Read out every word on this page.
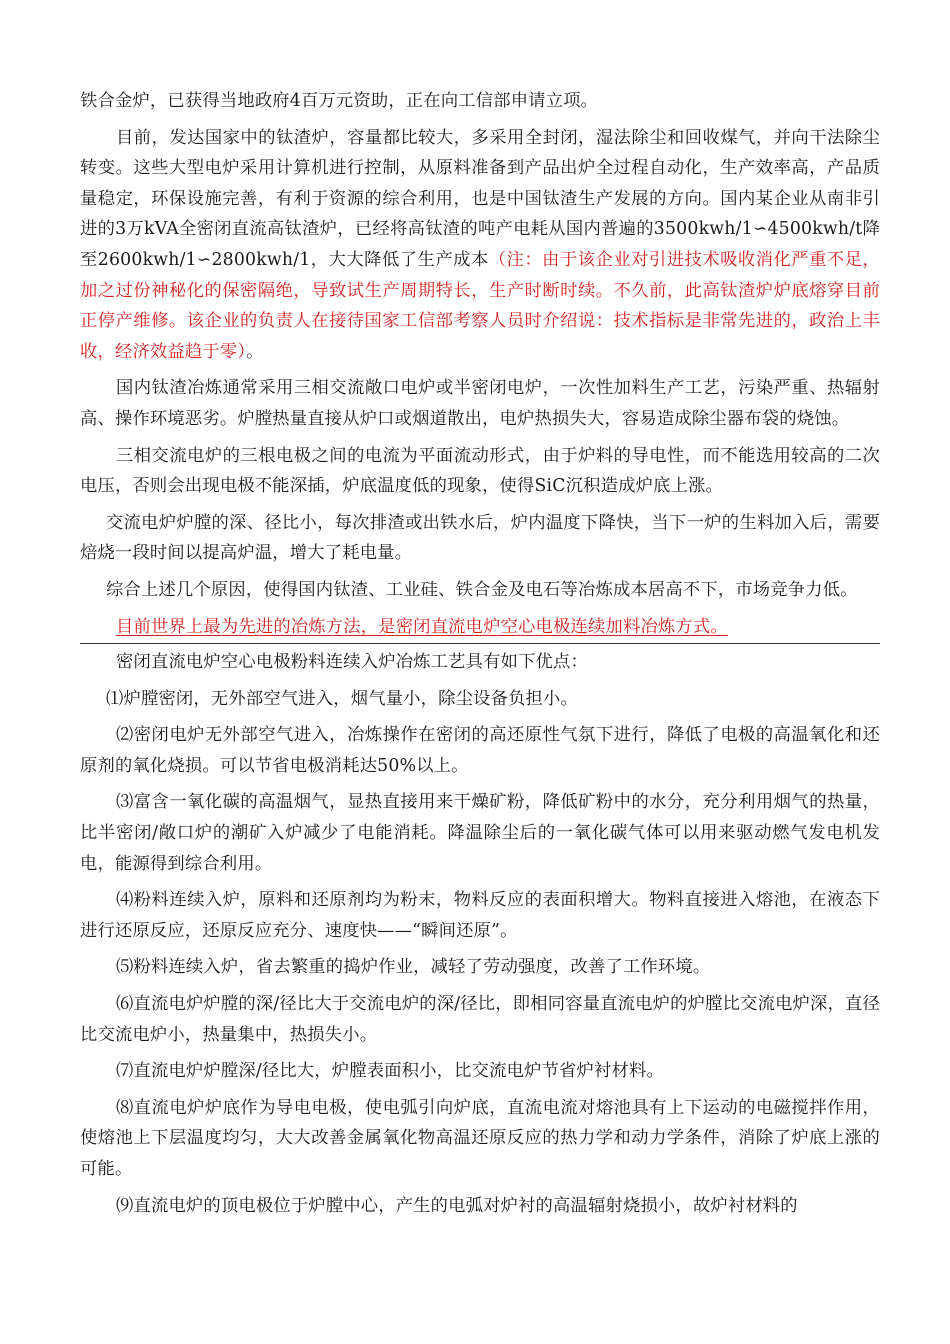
铁合金炉，已获得当地政府4百万元资助，正在向工信部申请立项。

目前，发达国家中的钛渣炉，容量都比较大，多采用全封闭，湿法除尘和回收煤气，并向干法除尘转变。这些大型电炉采用计算机进行控制，从原料准备到产品出炉全过程自动化，生产效率高，产品质量稳定，环保设施完善，有利于资源的综合利用，也是中国钛渣生产发展的方向。国内某企业从南非引进的3万kVA全密闭直流高钛渣炉，已经将高钛渣的吨产电耗从国内普遍的3500kwh/1∽4500kwh/t降至2600kwh/1∽2800kwh/1，大大降低了生产成本（注：由于该企业对引进技术吸收消化严重不足，加之过份神秘化的保密隔绝，导致试生产周期特长，生产时断时续。不久前，此高钛渣炉炉底熔穿目前正停产维修。该企业的负责人在接待国家工信部考察人员时介绍说：技术指标是非常先进的，政治上丰收，经济效益趋于零）。

国内钛渣冶炼通常采用三相交流敞口电炉或半密闭电炉，一次性加料生产工艺，污染严重、热辐射高、操作环境恶劣。炉膛热量直接从炉口或烟道散出，电炉热损失大，容易造成除尘器布袋的烧蚀。

三相交流电炉的三根电极之间的电流为平面流动形式，由于炉料的导电性，而不能选用较高的二次电压，否则会出现电极不能深插，炉底温度低的现象，使得SiC沉积造成炉底上涨。

交流电炉炉膛的深、径比小，每次排渣或出铁水后，炉内温度下降快，当下一炉的生料加入后，需要焙烧一段时间以提高炉温，增大了耗电量。

综合上述几个原因，使得国内钛渣、工业硅、铁合金及电石等冶炼成本居高不下，市场竞争力低。

目前世界上最为先进的冶炼方法，是密闭直流电炉空心电极连续加料冶炼方式。

密闭直流电炉空心电极粉料连续入炉冶炼工艺具有如下优点：

⑴炉膛密闭，无外部空气进入，烟气量小，除尘设备负担小。

⑵密闭电炉无外部空气进入，冶炼操作在密闭的高还原性气氛下进行，降低了电极的高温氧化和还原剂的氧化烧损。可以节省电极消耗达50%以上。

⑶富含一氧化碳的高温烟气，显热直接用来干燥矿粉，降低矿粉中的水分，充分利用烟气的热量，比半密闭/敞口炉的潮矿入炉减少了电能消耗。降温除尘后的一氧化碳气体可以用来驱动燃气发电机发电，能源得到综合利用。

⑷粉料连续入炉，原料和还原剂均为粉末，物料反应的表面积增大。物料直接进入熔池，在液态下进行还原反应，还原反应充分、速度快——“瞬间还原”。

⑸粉料连续入炉，省去繁重的捣炉作业，减轻了劳动强度，改善了工作环境。

⑹直流电炉炉膛的深/径比大于交流电炉的深/径比，即相同容量直流电炉的炉膛比交流电炉深，直径比交流电炉小，热量集中，热损失小。

⑺直流电炉炉膛深/径比大，炉膛表面积小，比交流电炉节省炉衬材料。

⑻直流电炉炉底作为导电电极，使电弧引向炉底，直流电流对熔池具有上下运动的电磁搅拌作用，使熔池上下层温度均匀，大大改善金属氧化物高温还原反应的热力学和动力学条件，消除了炉底上涨的可能。

⑼直流电炉的顶电极位于炉膛中心，产生的电弧对炉衬的高温辐射烧损小，故炉衬材料的
